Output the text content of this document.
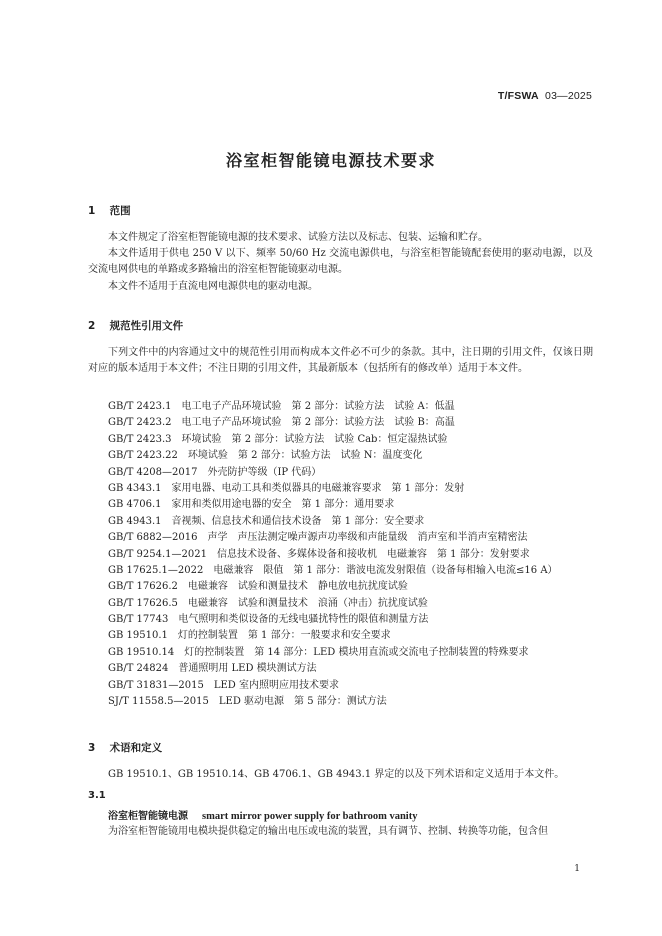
T/FSWA 03—2025
浴室柜智能镜电源技术要求
1 范围

本文件规定了浴室柜智能镜电源的技术要求、试验方法以及标志、包装、运输和贮存。

本文件适用于供电 250 V 以下、频率 50/60 Hz 交流电源供电，与浴室柜智能镜配套使用的驱动电源，以及交流电网供电的单路或多路输出的浴室柜智能镜驱动电源。

本文件不适用于直流电网电源供电的驱动电源。

2 规范性引用文件

下列文件中的内容通过文中的规范性引用而构成本文件必不可少的条款。其中，注日期的引用文件，仅该日期对应的版本适用于本文件；不注日期的引用文件，其最新版本（包括所有的修改单）适用于本文件。

GB/T 2423.1　电工电子产品环境试验　第 2 部分：试验方法　试验 A：低温
GB/T 2423.2　电工电子产品环境试验　第 2 部分：试验方法　试验 B：高温
GB/T 2423.3　环境试验　第 2 部分：试验方法　试验 Cab：恒定湿热试验
GB/T 2423.22　环境试验　第 2 部分：试验方法　试验 N：温度变化
GB/T 4208—2017　外壳防护等级（IP 代码）
GB 4343.1　家用电器、电动工具和类似器具的电磁兼容要求　第 1 部分：发射
GB 4706.1　家用和类似用途电器的安全　第 1 部分：通用要求
GB 4943.1　音视频、信息技术和通信技术设备　第 1 部分：安全要求
GB/T 6882—2016　声学　声压法测定噪声源声功率级和声能量级　消声室和半消声室精密法
GB/T 9254.1—2021　信息技术设备、多媒体设备和接收机　电磁兼容　第 1 部分：发射要求
GB 17625.1—2022　电磁兼容　限值　第 1 部分：谐波电流发射限值（设备每相输入电流≤16 A）
GB/T 17626.2　电磁兼容　试验和测量技术　静电放电抗扰度试验
GB/T 17626.5　电磁兼容　试验和测量技术　浪涌（冲击）抗扰度试验
GB/T 17743　电气照明和类似设备的无线电骚扰特性的限值和测量方法
GB 19510.1　灯的控制装置　第 1 部分：一般要求和安全要求
GB 19510.14　灯的控制装置　第 14 部分：LED 模块用直流或交流电子控制装置的特殊要求
GB/T 24824　普通照明用 LED 模块测试方法
GB/T 31831—2015　LED 室内照明应用技术要求
SJ/T 11558.5—2015　LED 驱动电源　第 5 部分：测试方法
3 术语和定义

GB 19510.1、GB 19510.14、GB 4706.1、GB 4943.1 界定的以及下列术语和定义适用于本文件。

3.1
浴室柜智能镜电源 smart mirror power supply for bathroom vanity

为浴室柜智能镜用电模块提供稳定的输出电压或电流的装置，具有调节、控制、转换等功能，包含但

1
